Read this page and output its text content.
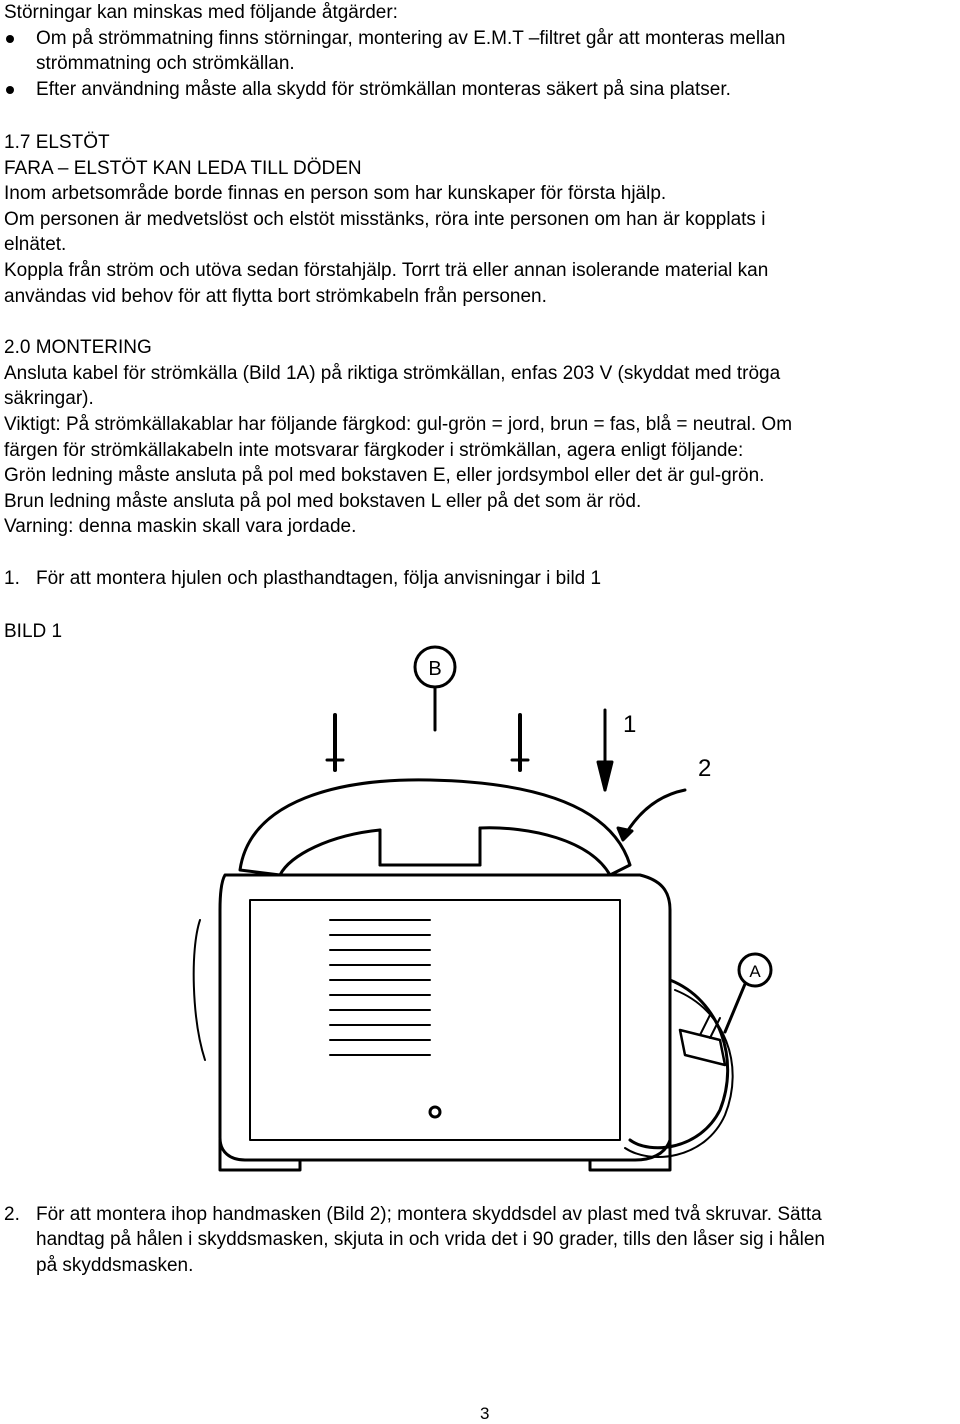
Störningar kan minskas med följande åtgärder:

Om på strömmatning finns störningar, montering av E.M.T –filtret går att monteras mellan
strömmatning och strömkällan.
Efter användning måste alla skydd för strömkällan monteras säkert på sina platser.

1.7 ELSTÖT

FARA – ELSTÖT KAN LEDA TILL DÖDEN

Inom arbetsområde borde finnas en person som har kunskaper för första hjälp.

Om personen är medvetslöst och elstöt misstänks, röra inte personen om han är kopplats i

elnätet.

Koppla från ström och utöva sedan förstahjälp. Torrt trä eller annan isolerande material kan

användas vid behov för att flytta bort strömkabeln från personen.

2.0 MONTERING

Ansluta kabel för strömkälla (Bild 1A) på riktiga strömkällan, enfas 203 V (skyddat med tröga

säkringar).

Viktigt: På strömkällakablar har följande färgkod: gul-grön = jord, brun = fas, blå = neutral. Om

färgen för strömkällakabeln inte motsvarar färgkoder i strömkällan, agera enligt följande:

Grön ledning måste ansluta på pol med bokstaven E, eller jordsymbol eller det är gul-grön.

Brun ledning måste ansluta på pol med bokstaven L eller på det som är röd.

Varning: denna maskin skall vara jordade.

1. För att montera hjulen och plasthandtagen, följa anvisningar i bild 1

BILD 1

B
1
2
A
2. För att montera ihop handmasken (Bild 2); montera skyddsdel av plast med två skruvar. Sätta
handtag på hålen i skyddsmasken, skjuta in och vrida det i 90 grader, tills den låser sig i hålen
på skyddsmasken.
3
